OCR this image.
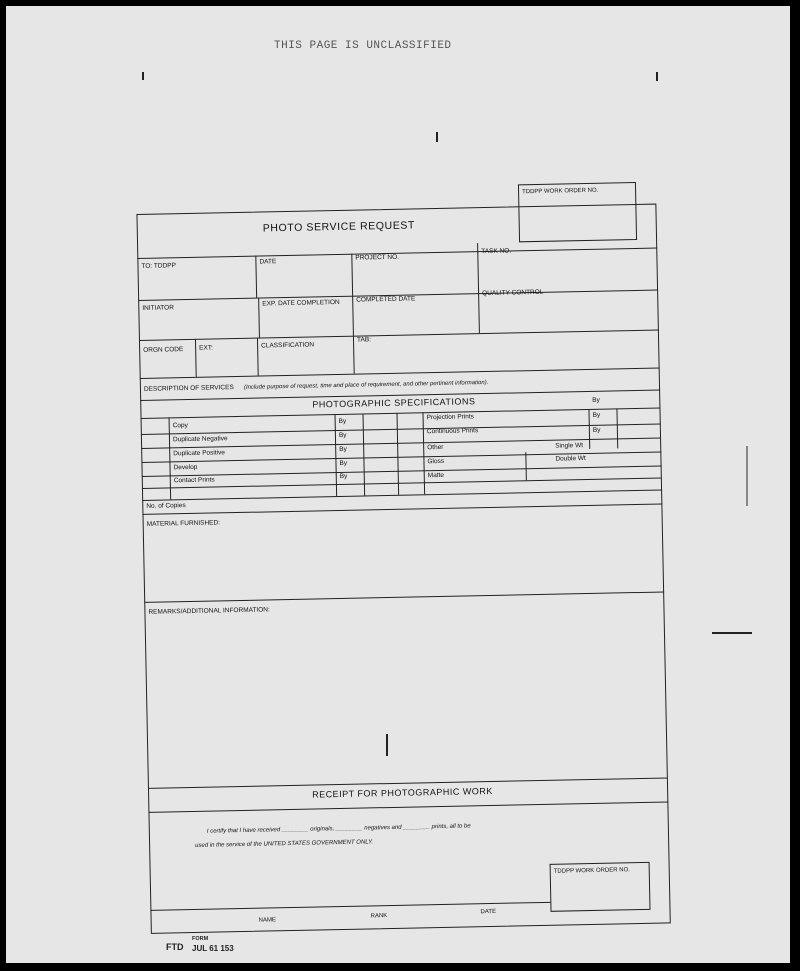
THIS PAGE IS UNCLASSIFIED
TDDPP WORK ORDER NO.
PHOTO SERVICE REQUEST
TO: TDDPP
DATE
PROJECT NO.
TASK NO.
INITIATOR
EXP. DATE COMPLETION	COMPLETED DATE
QUALITY CONTROL
ORGN CODE EXT:	CLASSIFICATION
TAB:
DESCRIPTION OF SERVICES (Include purpose of request, time and place of requirement, and other pertinent information).
PHOTOGRAPHIC SPECIFICATIONS
Copy
Duplicate Negative
Duplicate Positive
Develop
Contact Prints
By
By
By
By
By
Projection Prints
Continuous Prints
Other
Gloss
Matte
By
By
By
Single Wt
Double Wt
No. of Copies
MATERIAL FURNISHED:
REMARKS/ADDITIONAL INFORMATION:
RECEIPT FOR PHOTOGRAPHIC WORK
I certify that I have received ________ originals, ________ negatives and ________ prints, all to be
used in the service of the UNITED STATES GOVERNMENT ONLY.
TDDPP WORK ORDER NO.
NAME
RANK
DATE
FTD
FORM
JUL 61 153
